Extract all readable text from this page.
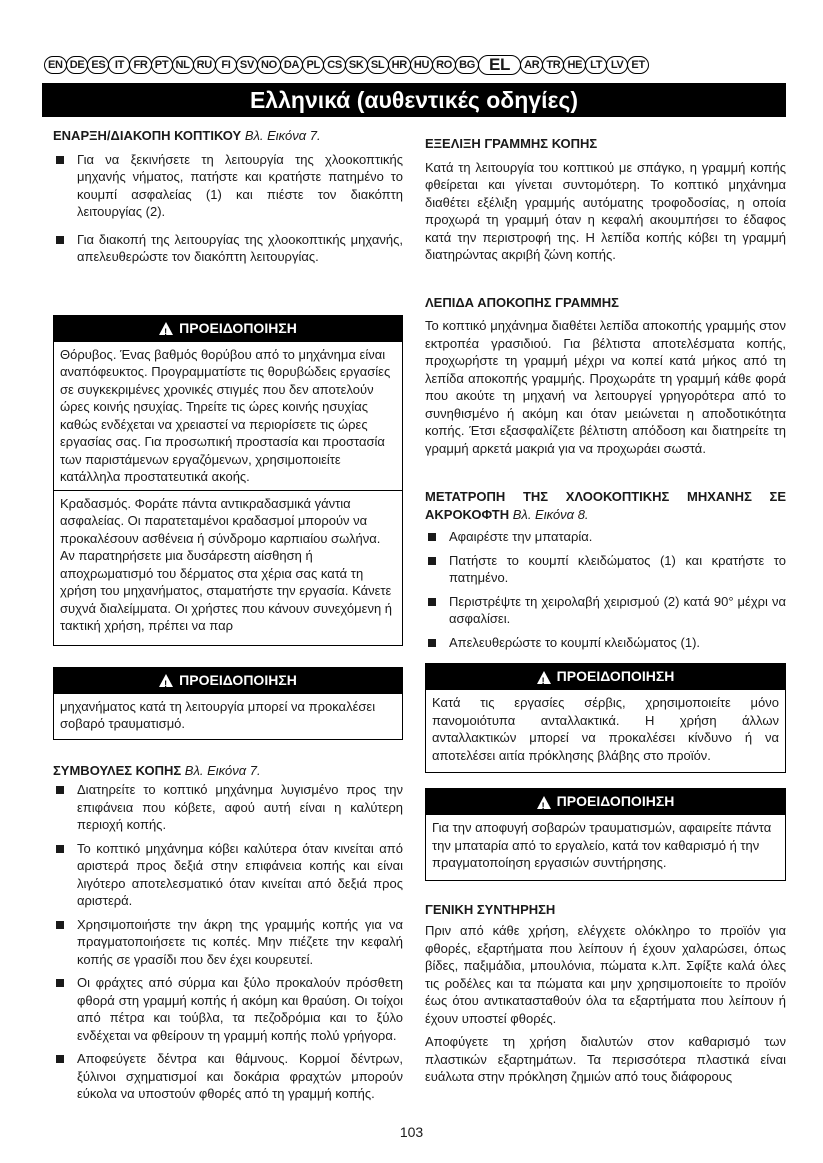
EN DE ES IT FR PT NL RU FI SV NO DA PL CS SK SL HR HU RO BG EL	AR TR HE LT LV ET
Ελληνικά (αυθεντικές οδηγίες)
ΕΝΑΡΞΗ/ΔΙΑΚΟΠΗ ΚΟΠΤΙΚΟΥ Βλ. Εικόνα 7.
Για να ξεκινήσετε τη λειτουργία της χλοοκοπτικής μηχανής νήματος, πατήστε και κρατήστε πατημένο το κουμπί ασφαλείας (1) και πιέστε τον διακόπτη λειτουργίας (2).
Για διακοπή της λειτουργίας της χλοοκοπτικής μηχανής, απελευθερώστε τον διακόπτη λειτουργίας.
!
ΠΡΟΕΙΔΟΠΟΙΗΣΗ
Θόρυβος. Ένας βαθμός θορύβου από το μηχάνημα είναι αναπόφευκτος. Προγραμματίστε τις θορυβώδεις εργασίες σε συγκεκριμένες χρονικές στιγμές που δεν αποτελούν ώρες κοινής ησυχίας. Τηρείτε τις ώρες κοινής ησυχίας καθώς ενδέχεται να χρειαστεί να περιορίσετε τις ώρες εργασίας σας. Για προσωπική προστασία και προστασία των παριστάμενων εργαζόμενων, χρησιμοποιείτε κατάλληλα προστατευτικά ακοής.
Κραδασμός. Φοράτε πάντα αντικραδασμικά γάντια ασφαλείας. Οι παρατεταμένοι κραδασμοί μπορούν να προκαλέσουν ασθένεια ή σύνδρομο καρπιαίου σωλήνα. Αν παρατηρήσετε μια δυσάρεστη αίσθηση ή αποχρωματισμό του δέρματος στα χέρια σας κατά τη χρήση του μηχανήματος, σταματήστε την εργασία. Κάνετε συχνά διαλείμματα. Οι χρήστες που κάνουν συνεχόμενη ή τακτική χρήση, πρέπει να παρ
!
ΠΡΟΕΙΔΟΠΟΙΗΣΗ
μηχανήματος κατά τη λειτουργία μπορεί να προκαλέσει σοβαρό τραυματισμό.
ΣΥΜΒΟΥΛΕΣ ΚΟΠΗΣ Βλ. Εικόνα 7.
Διατηρείτε το κοπτικό μηχάνημα λυγισμένο προς την επιφάνεια που κόβετε, αφού αυτή είναι η καλύτερη περιοχή κοπής.
Το κοπτικό μηχάνημα κόβει καλύτερα όταν κινείται από αριστερά προς δεξιά στην επιφάνεια κοπής και είναι λιγότερο αποτελεσματικό όταν κινείται από δεξιά προς αριστερά.
Χρησιμοποιήστε την άκρη της γραμμής κοπής για να πραγματοποιήσετε τις κοπές. Μην πιέζετε την κεφαλή κοπής σε γρασίδι που δεν έχει κουρευτεί.
Οι φράχτες από σύρμα και ξύλο προκαλούν πρόσθετη φθορά στη γραμμή κοπής ή ακόμη και θραύση. Οι τοίχοι από πέτρα και τούβλα, τα πεζοδρόμια και το ξύλο ενδέχεται να φθείρουν τη γραμμή κοπής πολύ γρήγορα.
Αποφεύγετε δέντρα και θάμνους. Κορμοί δέντρων, ξύλινοι σχηματισμοί και δοκάρια φραχτών μπορούν εύκολα να υποστούν φθορές από τη γραμμή κοπής.
ΕΞΕΛΙΞΗ ΓΡΑΜΜΗΣ ΚΟΠΗΣ

Κατά τη λειτουργία του κοπτικού με σπάγκο, η γραμμή κοπής φθείρεται και γίνεται συντομότερη. Το κοπτικό μηχάνημα διαθέτει εξέλιξη γραμμής αυτόματης τροφοδοσίας, η οποία προχωρά τη γραμμή όταν η κεφαλή ακουμπήσει το έδαφος κατά την περιστροφή της. Η λεπίδα κοπής κόβει τη γραμμή διατηρώντας ακριβή ζώνη κοπής.

ΛΕΠΙΔΑ ΑΠΟΚΟΠΗΣ ΓΡΑΜΜΗΣ

Το κοπτικό μηχάνημα διαθέτει λεπίδα αποκοπής γραμμής στον εκτροπέα γρασιδιού. Για βέλτιστα αποτελέσματα κοπής, προχωρήστε τη γραμμή μέχρι να κοπεί κατά μήκος από τη λεπίδα αποκοπής γραμμής. Προχωράτε τη γραμμή κάθε φορά που ακούτε τη μηχανή να λειτουργεί γρηγορότερα από το συνηθισμένο ή ακόμη και όταν μειώνεται η αποδοτικότητα κοπής. Έτσι εξασφαλίζετε βέλτιστη απόδοση και διατηρείτε τη γραμμή αρκετά μακριά για να προχωράει σωστά.

ΜΕΤΑΤΡΟΠΗ ΤΗΣ ΧΛΟΟΚΟΠΤΙΚΗΣ ΜΗΧΑΝΗΣ ΣΕ ΑΚΡΟΚΟΦΤΗ Βλ. Εικόνα 8.
Αφαιρέστε την μπαταρία.
Πατήστε το κουμπί κλειδώματος (1) και κρατήστε το πατημένο.
Περιστρέψτε τη χειρολαβή χειρισμού (2) κατά 90° μέχρι να ασφαλίσει.
Απελευθερώστε το κουμπί κλειδώματος (1).
!
ΠΡΟΕΙΔΟΠΟΙΗΣΗ
Κατά τις εργασίες σέρβις, χρησιμοποιείτε μόνο πανομοιότυπα ανταλλακτικά. Η χρήση άλλων ανταλλακτικών μπορεί να προκαλέσει κίνδυνο ή να αποτελέσει αιτία πρόκλησης βλάβης στο προϊόν.
!
ΠΡΟΕΙΔΟΠΟΙΗΣΗ
Για την αποφυγή σοβαρών τραυματισμών, αφαιρείτε πάντα την μπαταρία από το εργαλείο, κατά τον καθαρισμό ή την πραγματοποίηση εργασιών συντήρησης.
ΓΕΝΙΚΗ ΣΥΝΤΗΡΗΣΗ

Πριν από κάθε χρήση, ελέγχετε ολόκληρο το προϊόν για φθορές, εξαρτήματα που λείπουν ή έχουν χαλαρώσει, όπως βίδες, παξιμάδια, μπουλόνια, πώματα κ.λπ. Σφίξτε καλά όλες τις ροδέλες και τα πώματα και μην χρησιμοποιείτε το προϊόν έως ότου αντικατασταθούν όλα τα εξαρτήματα που λείπουν ή έχουν υποστεί φθορές.

Αποφύγετε τη χρήση διαλυτών στον καθαρισμό των πλαστικών εξαρτημάτων. Τα περισσότερα πλαστικά είναι ευάλωτα στην πρόκληση ζημιών από τους διάφορους

103
